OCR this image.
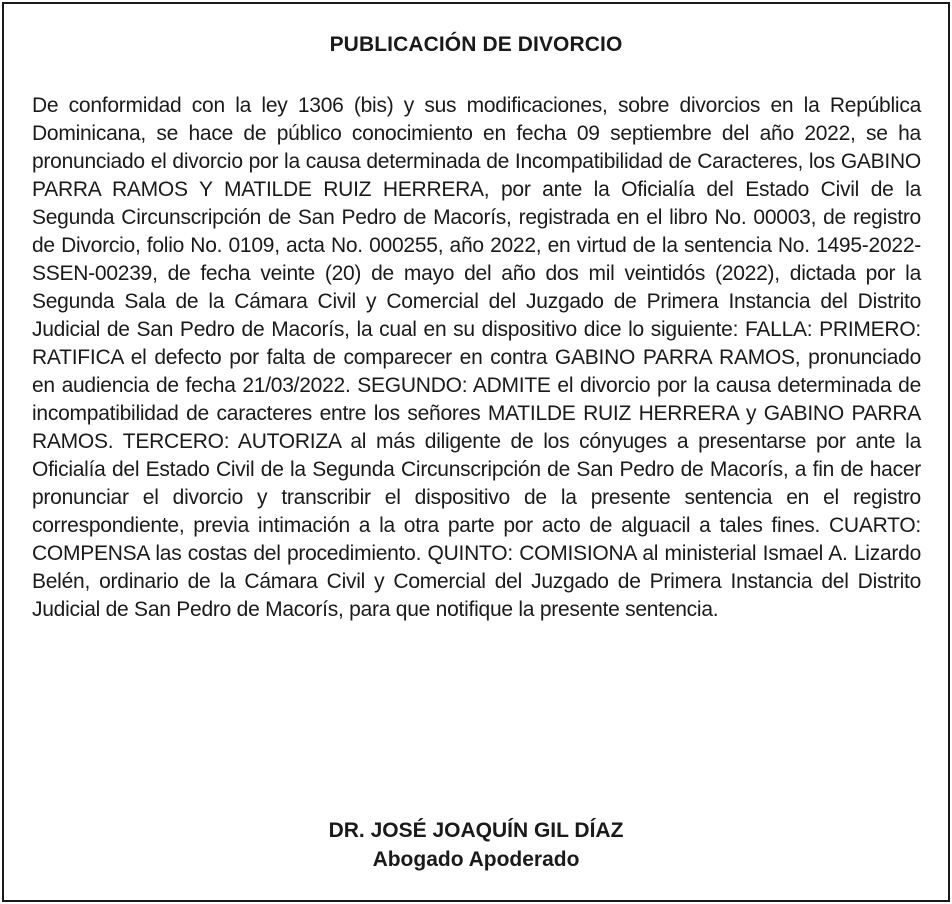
PUBLICACIÓN DE DIVORCIO

De conformidad con la ley 1306 (bis) y sus modificaciones, sobre divorcios en la República Dominicana, se hace de público conocimiento en fecha 09 septiembre del año 2022, se ha pronunciado el divorcio por la causa determinada de Incompatibilidad de Caracteres, los GABINO PARRA RAMOS Y MATILDE RUIZ HERRERA, por ante la Oficialía del Estado Civil de la Segunda Circunscripción de San Pedro de Macorís, registrada en el libro No. 00003, de registro de Divorcio, folio No. 0109, acta No. 000255, año 2022, en virtud de la sentencia No. 1495-2022-SSEN-00239, de fecha veinte (20) de mayo del año dos mil veintidós (2022), dictada por la Segunda Sala de la Cámara Civil y Comercial del Juzgado de Primera Instancia del Distrito Judicial de San Pedro de Macorís, la cual en su dispositivo dice lo siguiente: FALLA: PRIMERO: RATIFICA el defecto por falta de comparecer en contra GABINO PARRA RAMOS, pronunciado en audiencia de fecha 21/03/2022. SEGUNDO: ADMITE el divorcio por la causa determinada de incompatibilidad de caracteres entre los señores MATILDE RUIZ HERRERA y GABINO PARRA RAMOS. TERCERO: AUTORIZA al más diligente de los cónyuges a presentarse por ante la Oficialía del Estado Civil de la Segunda Circunscripción de San Pedro de Macorís, a fin de hacer pronunciar el divorcio y transcribir el dispositivo de la presente sentencia en el registro correspondiente, previa intimación a la otra parte por acto de alguacil a tales fines. CUARTO: COMPENSA las costas del procedimiento. QUINTO: COMISIONA al ministerial Ismael A. Lizardo Belén, ordinario de la Cámara Civil y Comercial del Juzgado de Primera Instancia del Distrito Judicial de San Pedro de Macorís, para que notifique la presente sentencia.

DR. JOSÉ JOAQUÍN GIL DÍAZ

Abogado Apoderado
